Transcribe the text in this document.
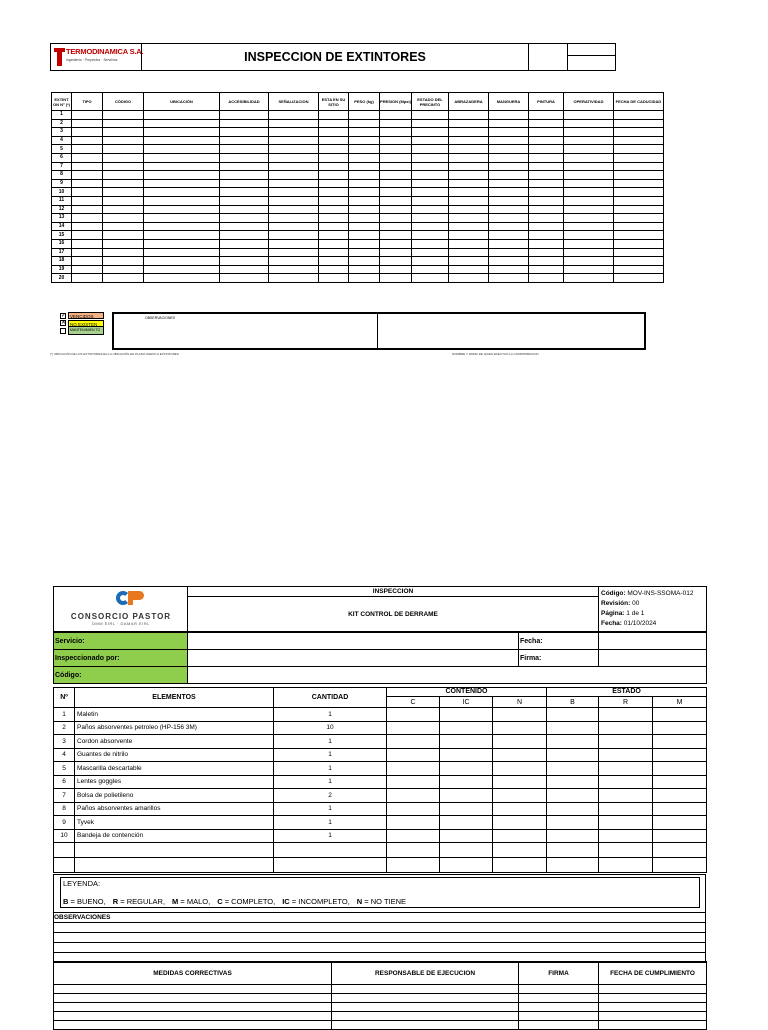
TERMODINAMICA S.A.
Ingeniería · Proyectos · Servicios	INSPECCION DE EXTINTORES
EXTINT ON N° (*)	TIPO	CÓDIGO	UBICACIÓN	ACCESIBILIDAD	SEÑALIZACION	ESTA EN SU SITIO	PESO (kg)	PRESION (Mpsi)	ESTADO DEL PRECINTO	ABRAZADERA	MANGUERA	PINTURA	OPERATIVIDAD	FECHA DE CADUCIDAD
1														
2														
3														
4														
5														
6														
7														
8														
9														
10														
11														
12														
13														
14														
15														
16														
17														
18														
19														
20														
✓ VENCIDOS
✕ NO EXISTEN
MANTENIMIEN TO
OBSERVACIONES
(*) UBICACIÓN DE LOS EXTINTORES EN LA UBICACIÓN EN PLANO ANEXO A EXTINTORES	NOMBRE Y FIRMA DE QUIEN EFECTUO LA COMPROBACION
CONSORCIO PASTOR
DMM EIRL · DAMAR EIRL
	INSPECCION	Código: MOV-INS-SSOMA-012
Revisión: 00
Página: 1 de 1
Fecha: 01/10/2024

KIT CONTROL DE DERRAME
Servicio:		Fecha:	
Inspeccionado por:		Firma:	
Código:			
Nº	ELEMENTOS	CANTIDAD	CONTENIDO			ESTADO		
			C	IC	N	B	R	M
1	Maletin	1						
2	Paños absorventes petroleo (HP-156 3M)	10						
3	Cordon absorvente	1						
4	Guantes de nitrilo	1						
5	Mascarilla descartable	1						
6	Lentes goggles	1						
7	Bolsa de polietileno	2						
8	Paños absorventes amarillos	1						
9	Tyvek	1						
10	Bandeja de contención	1						

LEYENDA:
B = BUENO, R = REGULAR, M = MALO, C = COMPLETO, IC = INCOMPLETO, N = NO TIENE
OBSERVACIONES

MEDIDAS CORRECTIVAS	RESPONSABLE DE EJECUCION	FIRMA	FECHA DE CUMPLIMIENTO
